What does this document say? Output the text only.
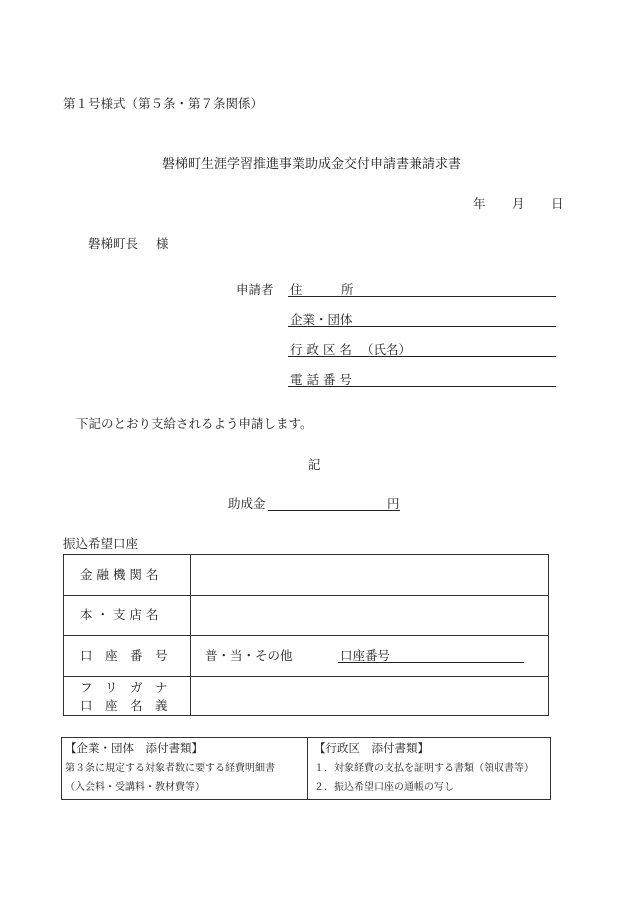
第１号様式（第５条・第７条関係）
磐梯町生涯学習推進事業助成金交付申請書兼請求書
年 月 日
磐梯町長 様
申請者 住	所
企業・団体
行 政 区 名 （氏名）
電 話 番 号
下記のとおり支給されるよう申請します。
記
助成金	円
振込希望口座
金 融 機 関 名
本 ・ 支 店 名
口　座　番　号	普・当・その他	口座番号
フ　リ　ガ　ナ
口　座　名　義
【企業・団体　添付書類】
第３条に規定する対象者数に要する経費明細書
（入会料・受講料・教材費等）
【行政区　添付書類】
１．対象経費の支払を証明する書類（領収書等）
２．振込希望口座の通帳の写し
